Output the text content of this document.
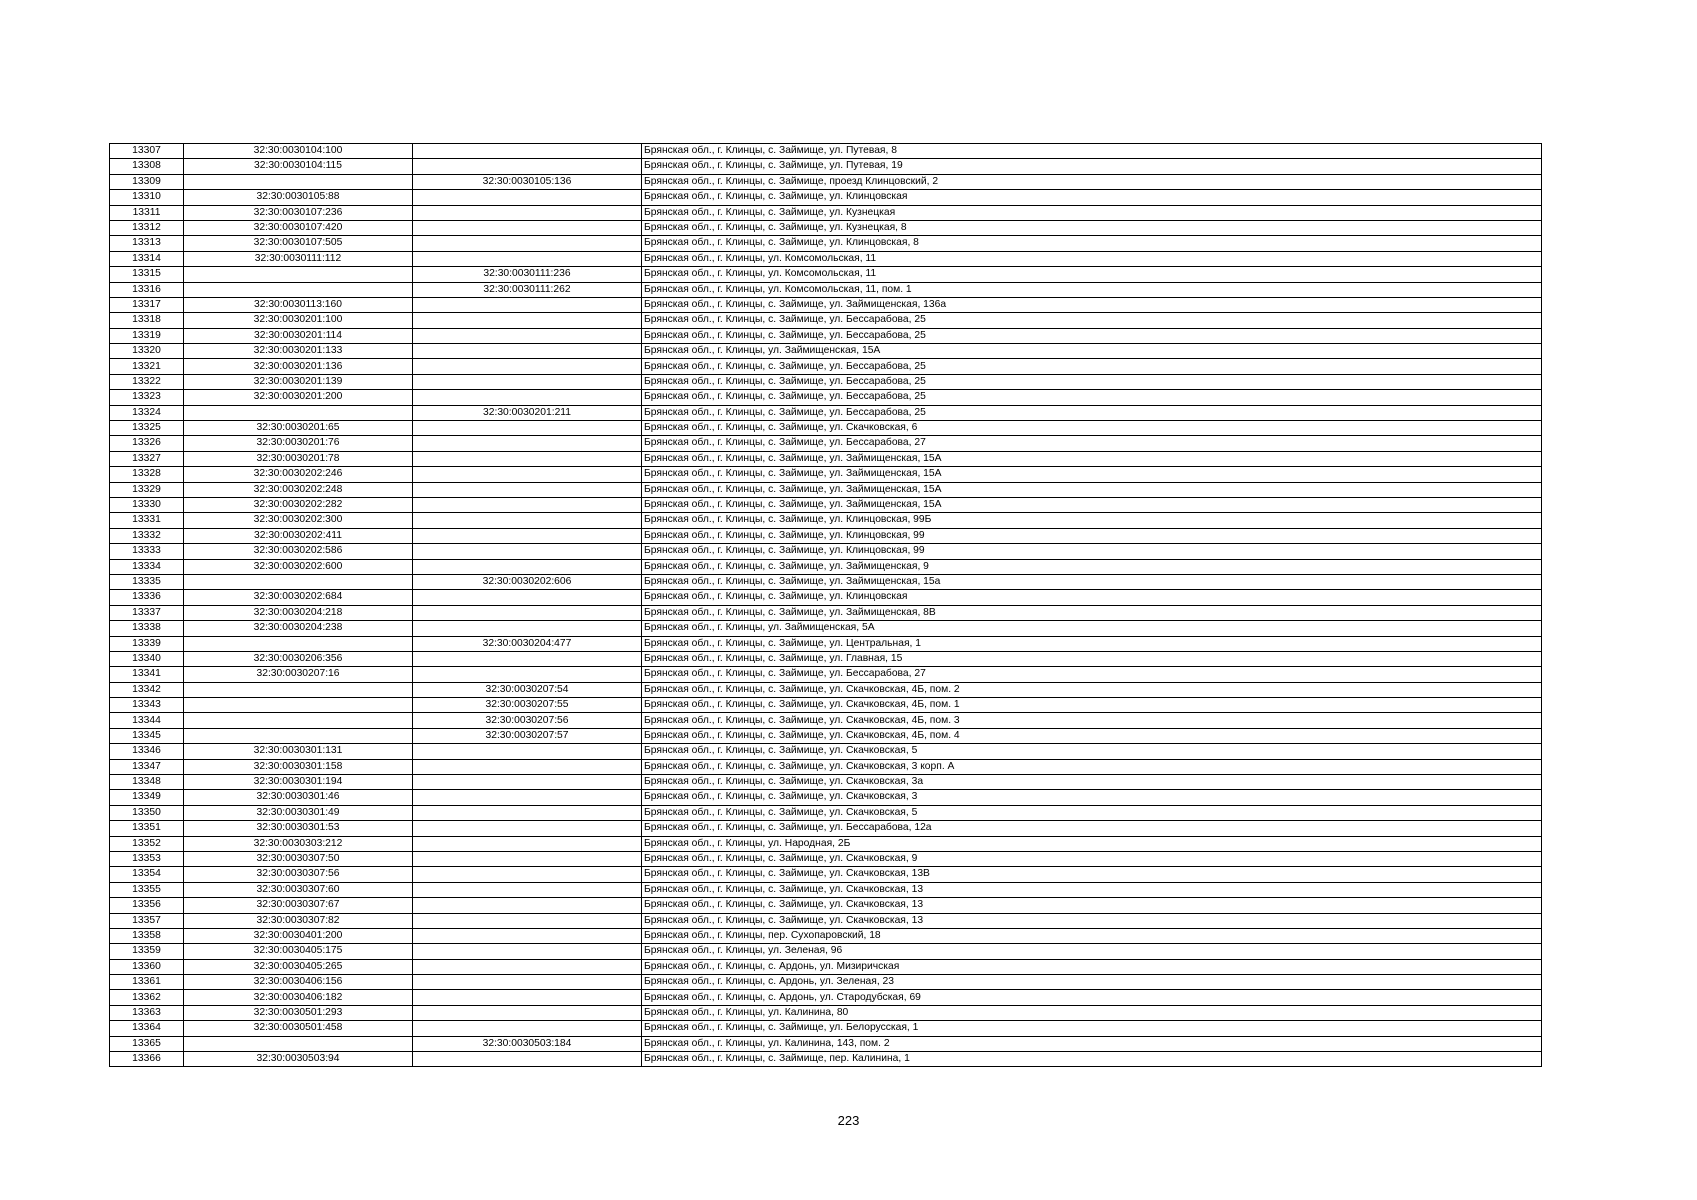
13307	32:30:0030104:100		Брянская обл., г. Клинцы, с. Займище, ул. Путевая, 8
13308	32:30:0030104:115		Брянская обл., г. Клинцы, с. Займище, ул. Путевая, 19
13309		32:30:0030105:136	Брянская обл., г. Клинцы, с. Займище, проезд Клинцовский, 2
13310	32:30:0030105:88		Брянская обл., г. Клинцы, с. Займище, ул. Клинцовская
13311	32:30:0030107:236		Брянская обл., г. Клинцы, с. Займище, ул. Кузнецкая
13312	32:30:0030107:420		Брянская обл., г. Клинцы, с. Займище, ул. Кузнецкая, 8
13313	32:30:0030107:505		Брянская обл., г. Клинцы, с. Займище, ул. Клинцовская, 8
13314	32:30:0030111:112		Брянская обл., г. Клинцы, ул. Комсомольская, 11
13315		32:30:0030111:236	Брянская обл., г. Клинцы, ул. Комсомольская, 11
13316		32:30:0030111:262	Брянская обл., г. Клинцы, ул. Комсомольская, 11, пом. 1
13317	32:30:0030113:160		Брянская обл., г. Клинцы, с. Займище, ул. Займищенская, 136а
13318	32:30:0030201:100		Брянская обл., г. Клинцы, с. Займище, ул. Бессарабова, 25
13319	32:30:0030201:114		Брянская обл., г. Клинцы, с. Займище, ул. Бессарабова, 25
13320	32:30:0030201:133		Брянская обл., г. Клинцы, ул. Займищенская, 15А
13321	32:30:0030201:136		Брянская обл., г. Клинцы, с. Займище, ул. Бессарабова, 25
13322	32:30:0030201:139		Брянская обл., г. Клинцы, с. Займище, ул. Бессарабова, 25
13323	32:30:0030201:200		Брянская обл., г. Клинцы, с. Займище, ул. Бессарабова, 25
13324		32:30:0030201:211	Брянская обл., г. Клинцы, с. Займище, ул. Бессарабова, 25
13325	32:30:0030201:65		Брянская обл., г. Клинцы, с. Займище, ул. Скачковская, 6
13326	32:30:0030201:76		Брянская обл., г. Клинцы, с. Займище, ул. Бессарабова, 27
13327	32:30:0030201:78		Брянская обл., г. Клинцы, с. Займище, ул. Займищенская, 15А
13328	32:30:0030202:246		Брянская обл., г. Клинцы, с. Займище, ул. Займищенская, 15А
13329	32:30:0030202:248		Брянская обл., г. Клинцы, с. Займище, ул. Займищенская, 15А
13330	32:30:0030202:282		Брянская обл., г. Клинцы, с. Займище, ул. Займищенская, 15А
13331	32:30:0030202:300		Брянская обл., г. Клинцы, с. Займище, ул. Клинцовская, 99Б
13332	32:30:0030202:411		Брянская обл., г. Клинцы, с. Займище, ул. Клинцовская, 99
13333	32:30:0030202:586		Брянская обл., г. Клинцы, с. Займище, ул. Клинцовская, 99
13334	32:30:0030202:600		Брянская обл., г. Клинцы, с. Займище, ул. Займищенская, 9
13335		32:30:0030202:606	Брянская обл., г. Клинцы, с. Займище, ул. Займищенская, 15а
13336	32:30:0030202:684		Брянская обл., г. Клинцы, с. Займище, ул. Клинцовская
13337	32:30:0030204:218		Брянская обл., г. Клинцы, с. Займище, ул. Займищенская, 8В
13338	32:30:0030204:238		Брянская обл., г. Клинцы, ул. Займищенская, 5А
13339		32:30:0030204:477	Брянская обл., г. Клинцы, с. Займище, ул. Центральная, 1
13340	32:30:0030206:356		Брянская обл., г. Клинцы, с. Займище, ул. Главная, 15
13341	32:30:0030207:16		Брянская обл., г. Клинцы, с. Займище, ул. Бессарабова, 27
13342		32:30:0030207:54	Брянская обл., г. Клинцы, с. Займище, ул. Скачковская, 4Б, пом. 2
13343		32:30:0030207:55	Брянская обл., г. Клинцы, с. Займище, ул. Скачковская, 4Б, пом. 1
13344		32:30:0030207:56	Брянская обл., г. Клинцы, с. Займище, ул. Скачковская, 4Б, пом. 3
13345		32:30:0030207:57	Брянская обл., г. Клинцы, с. Займище, ул. Скачковская, 4Б, пом. 4
13346	32:30:0030301:131		Брянская обл., г. Клинцы, с. Займище, ул. Скачковская, 5
13347	32:30:0030301:158		Брянская обл., г. Клинцы, с. Займище, ул. Скачковская, 3 корп. А
13348	32:30:0030301:194		Брянская обл., г. Клинцы, с. Займище, ул. Скачковская, 3а
13349	32:30:0030301:46		Брянская обл., г. Клинцы, с. Займище, ул. Скачковская, 3
13350	32:30:0030301:49		Брянская обл., г. Клинцы, с. Займище, ул. Скачковская, 5
13351	32:30:0030301:53		Брянская обл., г. Клинцы, с. Займище, ул. Бессарабова, 12а
13352	32:30:0030303:212		Брянская обл., г. Клинцы, ул. Народная, 2Б
13353	32:30:0030307:50		Брянская обл., г. Клинцы, с. Займище, ул. Скачковская, 9
13354	32:30:0030307:56		Брянская обл., г. Клинцы, с. Займище, ул. Скачковская, 13В
13355	32:30:0030307:60		Брянская обл., г. Клинцы, с. Займище, ул. Скачковская, 13
13356	32:30:0030307:67		Брянская обл., г. Клинцы, с. Займище, ул. Скачковская, 13
13357	32:30:0030307:82		Брянская обл., г. Клинцы, с. Займище, ул. Скачковская, 13
13358	32:30:0030401:200		Брянская обл., г. Клинцы, пер. Сухопаровский, 18
13359	32:30:0030405:175		Брянская обл., г. Клинцы, ул. Зеленая, 96
13360	32:30:0030405:265		Брянская обл., г. Клинцы, с. Ардонь, ул. Мизиричская
13361	32:30:0030406:156		Брянская обл., г. Клинцы, с. Ардонь, ул. Зеленая, 23
13362	32:30:0030406:182		Брянская обл., г. Клинцы, с. Ардонь, ул. Стародубская, 69
13363	32:30:0030501:293		Брянская обл., г. Клинцы, ул. Калинина, 80
13364	32:30:0030501:458		Брянская обл., г. Клинцы, с. Займище, ул. Белорусская, 1
13365		32:30:0030503:184	Брянская обл., г. Клинцы, ул. Калинина, 143, пом. 2
13366	32:30:0030503:94		Брянская обл., г. Клинцы, с. Займище, пер. Калинина, 1
223
